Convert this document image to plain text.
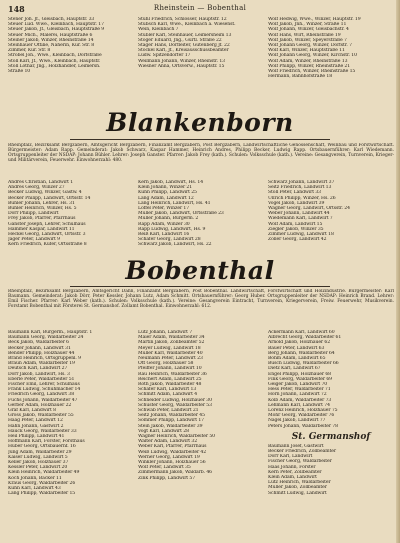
148	Rheinstein — Bobenthal
Stener Joh. Jf., Gleisbach, Hauptstr. 33
Steuer Lud. Wwe., Kleinbach, Hauptstr. 17
Steuer Jakob, Jf., Gleisbach, Hauptstraße 9
Steuer Mich., Malerei, Hauptstraße 6
Steiner Jakob, Winzer, Rheinstraße 14
Steinhauer Ottilie, Näherin, Kür. Str. 8
Zimmer, Kür. Str. 8
Strobel Joh., Wwe., Kleinbach, Dorfstraße
Stoll Karl, Jf., Wwe., Kleinbach, Hauptstr.
Stoll Lothar, Jng., Holzhändler, Leimersh.
Straße 10
Stuhl Friedrich, Schlosser, Hauptstr. 12
Stübsch Karl, Wwe., Kleinbach a. Wiesenst.
Wein, Kleinbach 7
Stubler Karl, Steinhauer, Leimersheim 13
Stöger Eduard, Jng., Gurtl. Straße 22
Stäger Hans, Dörfleiter, Gutenberg Jf. 22
Stöckel Karl, Jf., Kreisausschussbeamter
Ludw. Spitzendorfer 17
Weilmann Johann, Winzer, Rheinstr. 13
Wiesner Anna, Ortsverw., Hauptstr. 15
Wolf Hedwig, Wwe., Winzer, Hauptstr. 19
Wolf Jakob, Jnh., Winzer, Straße 11
Wolf Johann, Winzer, Gleisbachstr. 4
Wolf Hans, Wirt, Rheinstraße 19
Wolf Jakob, Winzer, Speyerstraße 7
Wolf Johann Georg, Winzer, Dorfstr. 7
Wolf Karl, Winzer, Hauptstraße 11
Wolf Johann Georg, Winzer, Kirchstr. 10
Wolf Adam, Winzer, Rheinstraße 13
Wolf Philipp, Winzer, Rheinstraße 21
Wolf Friedrich, Winzer, Rheinstraße 15
Hermann, Bahnhofstraße 18
Blankenborn
Rheinpfalz, Bezirksamt Bergzabern, Amtsgericht Bergzabern, Finanzamt Bergzabern, Post Bergzabern, Landwirtschaftliche Genossenschaft, Weinbau und Forstwirtschaft. Bürgermeister: Adam Rapp. Gemeinderat: Jakob Schwarz, Kaspar Hammer, Heinrich Andres, Philipp Becker, Ludwig Rapp. Ortsbauernführer: Karl Wiedemann. Ortsgruppenleiter der NSDAP: Johann Bühler. Lehrer: Joseph Ganster. Pfarrer: Jakob Frey (kath.). Schulen: Volksschule (kath.). Vereine: Gesangverein, Turnverein, Krieger- und Militärverein, Feuerwehr. Einwohnerzahl: 480.
Andres Christian, Landwirt 1
Andres Georg, Winzer 27
Becker Ludwig, Winzer, Gastw. 4
Becker Philipp, Landwirt, Ortsstr. 14
Bühler Johann, Lehrer, Hs. 31
Bühler Heinrich, Winzer, Hs. 5
Dörr Philipp, Landwirt
Frey Jakob, Pfarrer, Pfarrhaus
Ganster Joseph, Lehrer, Schulhaus
Hammer Kaspar, Landwirt 11
Heckel Georg, Landwirt, Ortsstr. 3
Jäger Peter, Landwirt 9
Kern Friedrich, Küfer, Ortsstraße 8
Kern Jakob, Landwirt, Hs. 14
Klein Johann, Winzer 21
Kuhn Philipp, Landwirt 25
Lang Adam, Landwirt 12
Lang Heinrich, Landwirt, Hs. 41
Löffel Peter, Winzer 17
Müller Jakob, Landwirt, Ortsstraße 23
Müller Johann, Bürgerm. 2
Rapp Adam, Winzer 30
Rapp Ludwig, Landwirt, Hs. 9
Reiß Karl, Landwirt 16
Schäfer Georg, Landwirt 28
Schwarz Jakob, Landwirt, Hs. 22
Schwarz Johann, Landwirt 37
Seitz Friedrich, Landwirt 13
Stoll Peter, Landwirt 33
Ullrich Philipp, Winzer, Hs. 26
Vogel Jakob, Landwirt 39
Wagner Georg, Landwirt, Ortsstr. 24
Weber Johann, Landwirt 44
Wiedemann Karl, Landwirt 7
Wolf Adam, Landwirt 15
Ziegler Jakob, Winzer 35
Zimmer Ludwig, Landwirt 18
Zöller Georg, Landwirt 42
Bobenthal
Rheinpfalz, Bezirksamt Bergzabern, Amtsgericht Dahn, Finanzamt Bergzabern, Post Bobenthal. Landwirtschaft, Forstwirtschaft und Holzindustrie. Bürgermeister: Karl Baumann. Gemeinderat: Jakob Dörr, Peter Kessler, Johann Lutz, Adam Schmitt. Ortsbauernführer: Georg Huber. Ortsgruppenleiter der NSDAP: Heinrich Brand. Lehrer: Emil Fischer. Pfarrer: Karl Weber (kath.). Schulen: Volksschule (kath.). Vereine: Gesangverein Eintracht, Turnverein, Kriegerverein, Freiw. Feuerwehr, Musikverein. Forstamt Bobenthal mit Försterei St. Germanshof. Zollamt Bobenthal. Einwohnerzahl: 612.
Baumann Karl, Bürgerm., Hauptstr. 1
Baumann Georg, Waldarbeiter 24
Beck Jakob, Waldarbeiter 6
Becker Johann, Landwirt 31
Bender Philipp, Holzhauer 44
Brand Heinrich, Ortsgruppenl. 9
Braun Adam, Waldarbeiter 19
Deutsch Karl, Landwirt 27
Dörr Jakob, Landwirt, Hs. 3
Eberle Peter, Waldarbeiter 51
Fischer Emil, Lehrer, Schulhaus
Frank Ludwig, Schuhmacher 14
Friedrich Georg, Landwirt 38
Fuchs Johann, Waldarbeiter 47
Gerber Adam, Holzhauer 22
Graf Karl, Landwirt 8
Gross Jakob, Waldarbeiter 55
Haag Peter, Landwirt 12
Hahn Johann, Gastwirt 2
Hauck Georg, Waldarbeiter 33
Heil Philipp, Landwirt 41
Hoffmann Karl, Förster, Forsthaus
Huber Georg, Ortsbauernf. 16
Jung Adam, Waldarbeiter 29
Kaiser Ludwig, Landwirt 5
Keller Jakob, Holzhauer 37
Kessler Peter, Landwirt 20
Klein Heinrich, Waldarbeiter 49
Koch Johann, Bäcker 11
Kraus Georg, Waldarbeiter 26
Kuhn Karl, Landwirt 43
Lang Philipp, Waldarbeiter 15
Lutz Johann, Landwirt 7
Maier Adam, Waldarbeiter 34
Martin Jakob, Zollbeamter 52
Meyer Ludwig, Landwirt 18
Müller Karl, Waldarbeiter 40
Neumann Peter, Landwirt 23
Ott Georg, Holzhauer 58
Pfeiffer Johann, Landwirt 10
Rau Heinrich, Waldarbeiter 36
Reichert Adam, Landwirt 25
Roth Jakob, Waldarbeiter 48
Schäfer Karl, Landwirt 13
Schmitt Adam, Landwirt 4
Schneider Ludwig, Holzhauer 30
Schuster Georg, Waldarbeiter 53
Schwab Peter, Landwirt 21
Seitz Johann, Waldarbeiter 45
Sommer Philipp, Landwirt 17
Stein Jakob, Waldarbeiter 39
Vogt Karl, Landwirt 28
Wagner Heinrich, Waldarbeiter 50
Walter Adam, Landwirt 32
Weber Karl, Pfarrer, Pfarrhaus
Weiß Ludwig, Waldarbeiter 42
Werner Georg, Landwirt 19
Winkler Johann, Holzhauer 56
Wolf Peter, Landwirt 35
Zimmermann Jakob, Waldarb. 46
Zink Philipp, Landwirt 57
Ackermann Karl, Landwirt 60
Albrecht Georg, Waldarbeiter 61
Arnold Jakob, Holzhauer 62
Bauer Peter, Landwirt 63
Berg Johann, Waldarbeiter 64
Böhm Adam, Landwirt 65
Busch Ludwig, Waldarbeiter 66
Dietz Karl, Landwirt 67
Engel Philipp, Holzhauer 68
Fink Georg, Waldarbeiter 69
Geiger Jakob, Landwirt 70
Hess Peter, Waldarbeiter 71
Horn Johann, Landwirt 72
Kolb Adam, Waldarbeiter 73
Lehmann Karl, Landwirt 74
Lorenz Heinrich, Holzhauer 75
Mohr Georg, Waldarbeiter 76
Nagel Jakob, Landwirt 77
Peters Johann, Waldarbeiter 78
St. Germanshof
Baumann Josef, Gastwirt
Becker Friedrich, Zollbeamter
Dörr Karl, Landwirt
Fischer Georg, Waldarbeiter
Haas Johann, Förster
Kern Peter, Zollbeamter
Klein Adam, Landwirt
Lutz Heinrich, Waldarbeiter
Müller Jakob, Zollbeamter
Schmitt Ludwig, Landwirt
